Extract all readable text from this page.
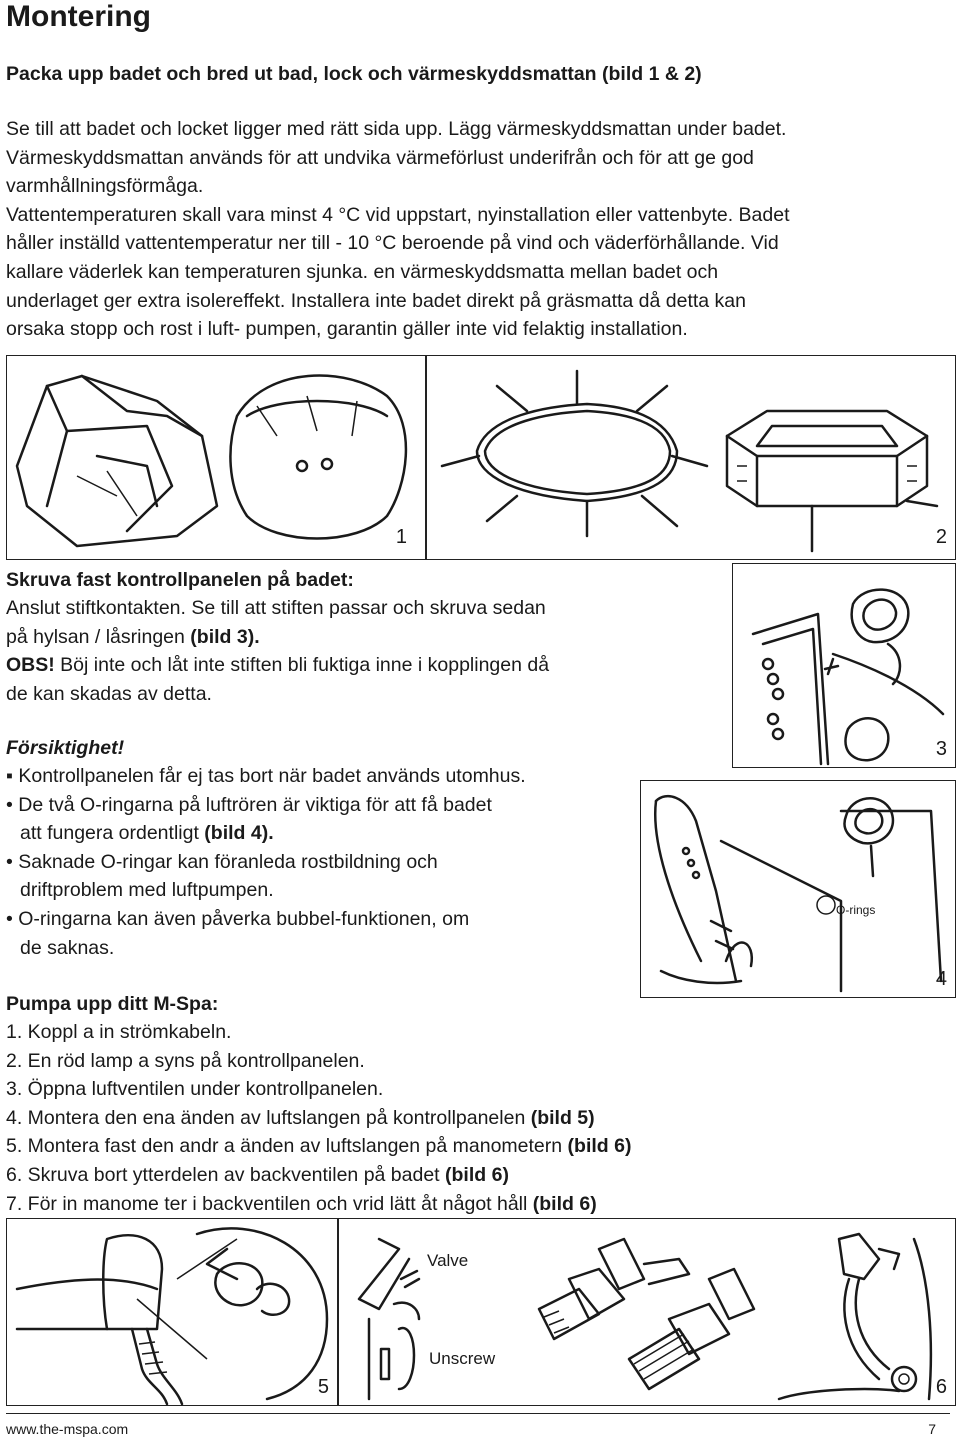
Montering
Packa upp badet och bred ut bad, lock och värmeskyddsmattan (bild 1 & 2)
Se till att badet och locket ligger med rätt sida upp. Lägg värmeskyddsmattan under badet.
Värmeskyddsmattan används för att undvika värmeförlust underifrån och för att ge god
varmhållningsförmåga.
Vattentemperaturen skall vara minst 4 °C vid uppstart, nyinstallation eller vattenbyte. Badet
håller inställd vattentemperatur ner till - 10 °C beroende på vind och väderförhållande. Vid
kallare väderlek kan temperaturen sjunka. en värmeskyddsmatta mellan badet och
underlaget ger extra isolereffekt. Installera inte badet direkt på gräsmatta då detta kan
orsaka stopp och rost i luft- pumpen, garantin gäller inte vid felaktig installation.
1	2
Skruva fast kontrollpanelen på badet:
Anslut stiftkontakten. Se till att stiften passar och skruva sedan
på hylsan / låsringen (bild 3).
OBS! Böj inte och låt inte stiften bli fuktiga inne i kopplingen då
de kan skadas av detta.
3
Försiktighet!
▪ Kontrollpanelen får ej tas bort när badet används utomhus.
• De två O-ringarna på luftrören är viktiga för att få badet
att fungera ordentligt (bild 4).
• Saknade O-ringar kan föranleda rostbildning och
driftproblem med luftpumpen.
• O-ringarna kan även påverka bubbel-funktionen, om
de saknas.
O-rings
4
Pumpa upp ditt M-Spa:
1. Koppl a in strömkabeln.
2. En röd lamp a syns på kontrollpanelen.
3. Öppna luftventilen under kontrollpanelen.
4. Montera den ena änden av luftslangen på kontrollpanelen (bild 5)
5. Montera fast den andr a änden av luftslangen på manometern (bild 6)
6. Skruva bort ytterdelen av backventilen på badet (bild 6)
7. För in manome ter i backventilen och vrid lätt åt något håll (bild 6)
5
Valve
Unscrew
6
www.the-mspa.com	7
